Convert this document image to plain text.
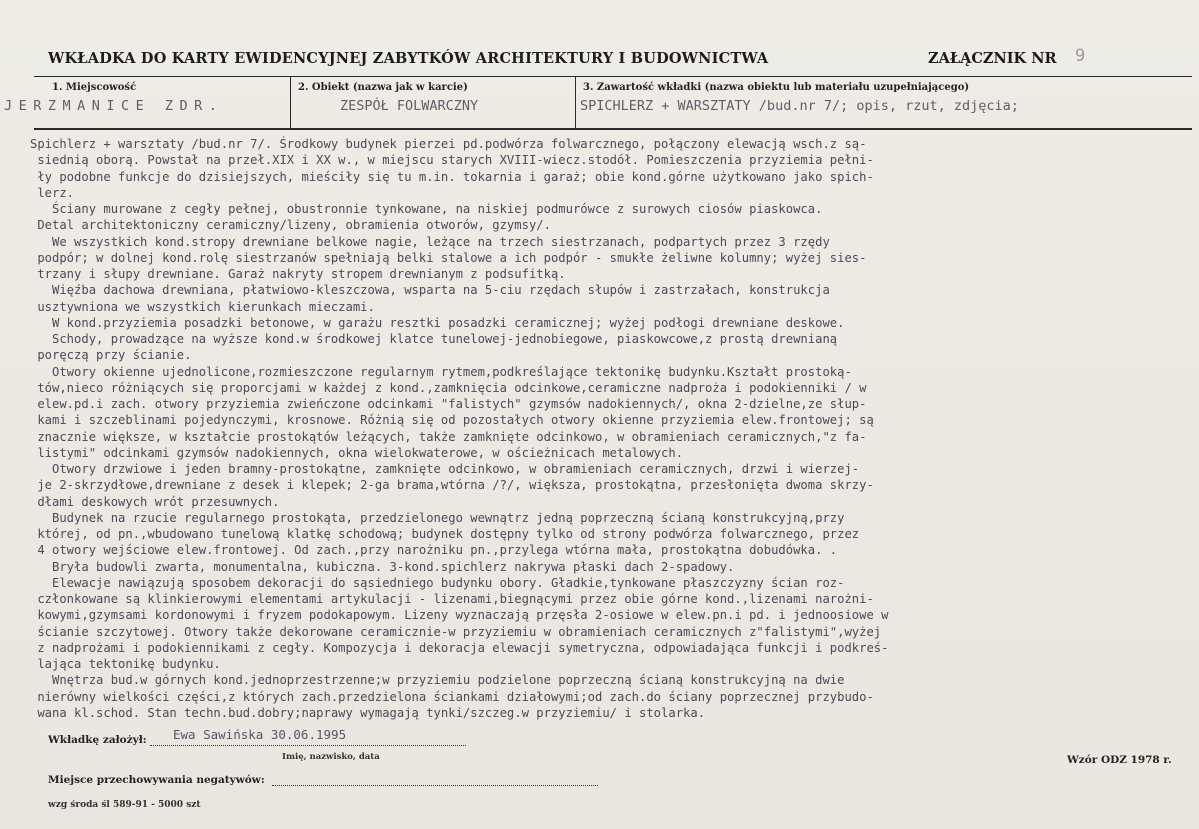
WKŁADKA DO KARTY EWIDENCYJNEJ ZABYTKÓW ARCHITEKTURY I BUDOWNICTWA	ZAŁĄCZNIK NR 9
1. Miejscowość
JERZMANICE ZDR.
2. Obiekt (nazwa jak w karcie)
ZESPÓŁ FOLWARCZNY
3. Zawartość wkładki (nazwa obiektu lub materiału uzupełniającego)
SPICHLERZ + WARSZTATY /bud.nr 7/; opis, rzut, zdjęcia;
Spichlerz + warsztaty /bud.nr 7/. Środkowy budynek pierzei pd.podwórza folwarcznego, połączony elewacją wsch.z są-
siednią oborą. Powstał na przeł.XIX i XX w., w miejscu starych XVIII-wiecz.stodół. Pomieszczenia przyziemia pełni-
ły podobne funkcje do dzisiejszych, mieściły się tu m.in. tokarnia i garaż; obie kond.górne użytkowano jako spich-
lerz.
Ściany murowane z cegły pełnej, obustronnie tynkowane, na niskiej podmurówce z surowych ciosów piaskowca.
Detal architektoniczny ceramiczny/lizeny, obramienia otworów, gzymsy/.
We wszystkich kond.stropy drewniane belkowe nagie, leżące na trzech siestrzanach, podpartych przez 3 rzędy
podpór; w dolnej kond.rolę siestrzanów spełniają belki stalowe a ich podpór - smukłe żeliwne kolumny; wyżej sies-
trzany i słupy drewniane. Garaż nakryty stropem drewnianym z podsufitką.
Więźba dachowa drewniana, płatwiowo-kleszczowa, wsparta na 5-ciu rzędach słupów i zastrzałach, konstrukcja
usztywniona we wszystkich kierunkach mieczami.
W kond.przyziemia posadzki betonowe, w garażu resztki posadzki ceramicznej; wyżej podłogi drewniane deskowe.
Schody, prowadzące na wyższe kond.w środkowej klatce tunelowej-jednobiegowe, piaskowcowe,z prostą drewnianą
poręczą przy ścianie.
Otwory okienne ujednolicone,rozmieszczone regularnym rytmem,podkreślające tektonikę budynku.Kształt prostoką-
tów,nieco różniących się proporcjami w każdej z kond.,zamknięcia odcinkowe,ceramiczne nadproża i podokienniki / w
elew.pd.i zach. otwory przyziemia zwieńczone odcinkami "falistych" gzymsów nadokiennych/, okna 2-dzielne,ze słup-
kami i szczeblinami pojedynczymi, krosnowe. Różnią się od pozostałych otwory okienne przyziemia elew.frontowej; są
znacznie większe, w kształcie prostokątów leżących, także zamknięte odcinkowo, w obramieniach ceramicznych,"z fa-
listymi" odcinkami gzymsów nadokiennych, okna wielokwaterowe, w ościeżnicach metalowych.
Otwory drzwiowe i jeden bramny-prostokątne, zamknięte odcinkowo, w obramieniach ceramicznych, drzwi i wierzej-
je 2-skrzydłowe,drewniane z desek i klepek; 2-ga brama,wtórna /?/, większa, prostokątna, przesłonięta dwoma skrzy-
dłami deskowych wrót przesuwnych.
Budynek na rzucie regularnego prostokąta, przedzielonego wewnątrz jedną poprzeczną ścianą konstrukcyjną,przy
której, od pn.,wbudowano tunelową klatkę schodową; budynek dostępny tylko od strony podwórza folwarcznego, przez
4 otwory wejściowe elew.frontowej. Od zach.,przy narożniku pn.,przylega wtórna mała, prostokątna dobudówka. .
Bryła budowli zwarta, monumentalna, kubiczna. 3-kond.spichlerz nakrywa płaski dach 2-spadowy.
Elewacje nawiązują sposobem dekoracji do sąsiedniego budynku obory. Gładkie,tynkowane płaszczyzny ścian roz-
członkowane są klinkierowymi elementami artykulacji - lizenami,biegnącymi przez obie górne kond.,lizenami narożni-
kowymi,gzymsami kordonowymi i fryzem podokapowym. Lizeny wyznaczają przęsła 2-osiowe w elew.pn.i pd. i jednoosiowe w
ścianie szczytowej. Otwory także dekorowane ceramicznie-w przyziemiu w obramieniach ceramicznych z"falistymi",wyżej
z nadprożami i podokiennikami z cegły. Kompozycja i dekoracja elewacji symetryczna, odpowiadająca funkcji i podkreś-
lająca tektonikę budynku.
Wnętrza bud.w górnych kond.jednoprzestrzenne;w przyziemiu podzielone poprzeczną ścianą konstrukcyjną na dwie
nierówny wielkości części,z których zach.przedzielona ściankami działowymi;od zach.do ściany poprzecznej przybudo-
wana kl.schod. Stan techn.bud.dobry;naprawy wymagają tynki/szczeg.w przyziemiu/ i stolarka.
Wkładkę założył: Ewa Sawińska 30.06.1995
Imię, nazwisko, data	Wzór ODZ 1978 r.
Miejsce przechowywania negatywów:
wzg środa śl 589-91 - 5000 szt
